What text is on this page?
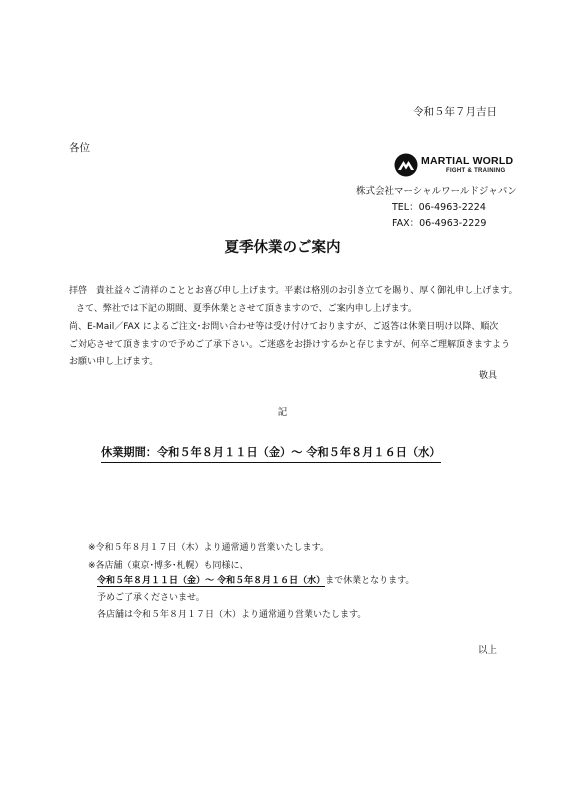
令和５年７月吉日
各位
MARTIAL WORLD
FIGHT & TRAINING
株式会社マーシャルワールドジャパン
TEL：06-4963-2224
FAX：06-4963-2229
夏季休業のご案内
拝啓　貴社益々ご清祥のこととお喜び申し上げます。平素は格別のお引き立てを賜り、厚く御礼申し上げます。
さて、弊社では下記の期間、夏季休業とさせて頂きますので、ご案内申し上げます。
尚、E-Mail／FAX によるご注文･お問い合わせ等は受け付けておりますが、ご返答は休業日明け以降、順次
ご対応させて頂きますので予めご了承下さい。ご迷惑をお掛けするかと存じますが、何卒ご理解頂きますよう
お願い申し上げます。
敬具
記
休業期間：令和５年８月１１日（金）～ 令和５年８月１６日（水）
※令和５年８月１７日（木）より通常通り営業いたします。
※各店舗（東京･博多･札幌）も同様に、
令和５年８月１１日（金）～ 令和５年８月１６日（水）まで休業となります。
予めご了承くださいませ。
各店舗は令和５年８月１７日（木）より通常通り営業いたします。
以上
